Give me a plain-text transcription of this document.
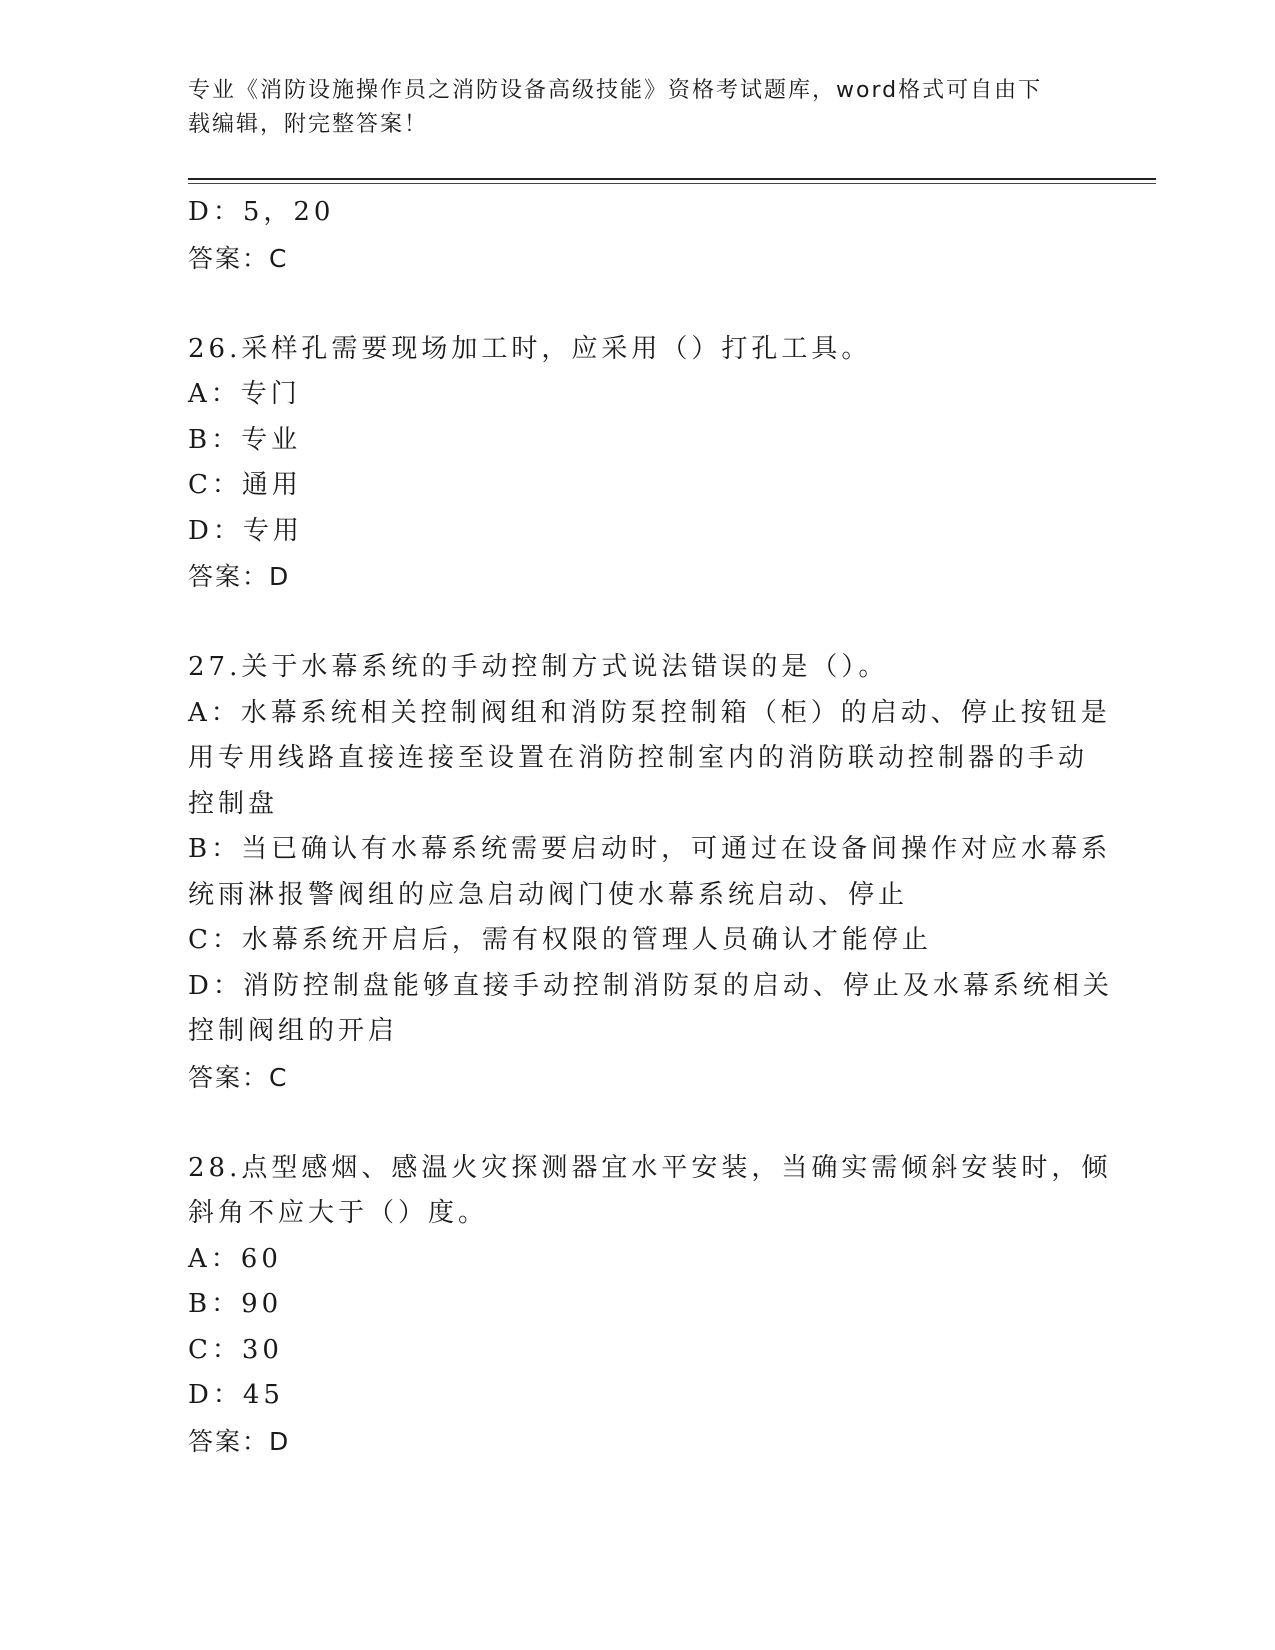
专业《消防设施操作员之消防设备高级技能》资格考试题库，word格式可自由下
载编辑，附完整答案！
D：5，20
答案：C
26.采样孔需要现场加工时，应采用（）打孔工具。
A：专门
B：专业
C：通用
D：专用
答案：D
27.关于水幕系统的手动控制方式说法错误的是（）。
A：水幕系统相关控制阀组和消防泵控制箱（柜）的启动、停止按钮是
用专用线路直接连接至设置在消防控制室内的消防联动控制器的手动
控制盘
B：当已确认有水幕系统需要启动时，可通过在设备间操作对应水幕系
统雨淋报警阀组的应急启动阀门使水幕系统启动、停止
C：水幕系统开启后，需有权限的管理人员确认才能停止
D：消防控制盘能够直接手动控制消防泵的启动、停止及水幕系统相关
控制阀组的开启
答案：C
28.点型感烟、感温火灾探测器宜水平安装，当确实需倾斜安装时，倾
斜角不应大于（）度。
A：60
B：90
C：30
D：45
答案：D
